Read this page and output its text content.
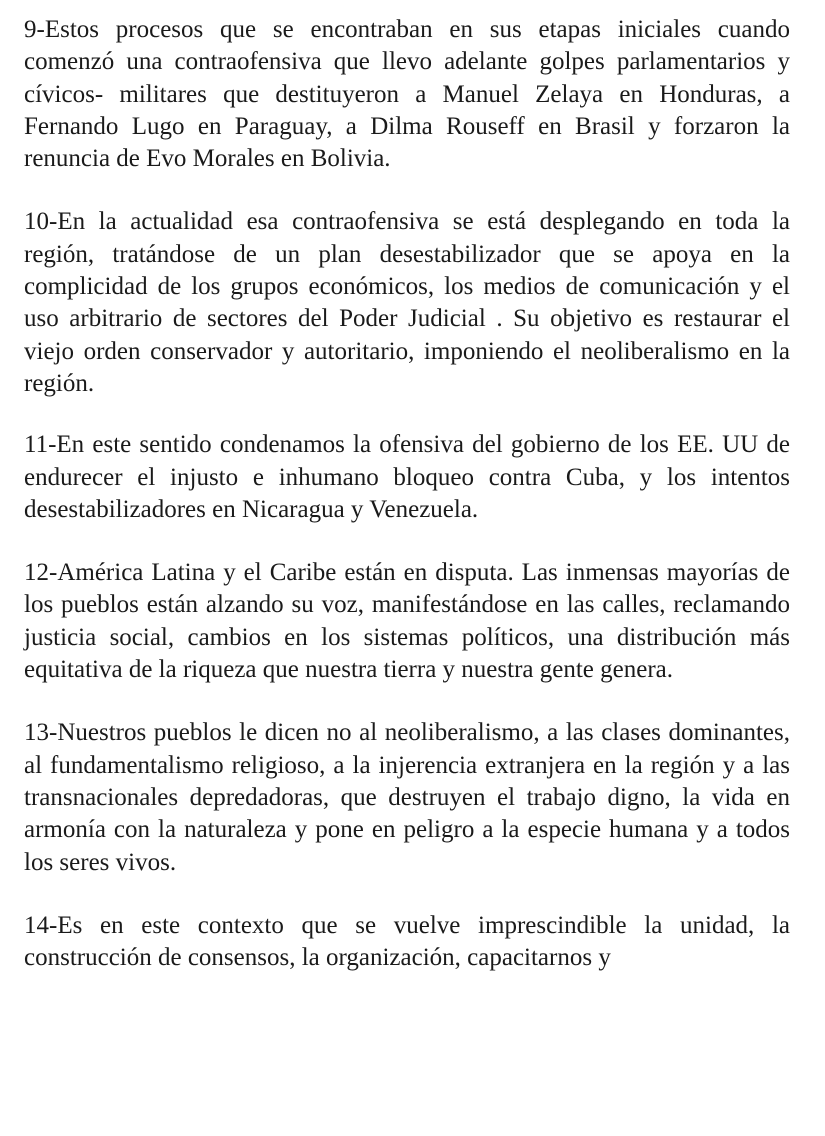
9-Estos procesos que se encontraban en sus etapas iniciales cuando comenzó una contraofensiva que llevo adelante golpes parlamentarios y cívicos- militares que destituyeron a Manuel Zelaya en Honduras, a Fernando Lugo en Paraguay, a Dilma Rouseff en Brasil y forzaron la renuncia de Evo Morales en Bolivia.

10-En la actualidad esa contraofensiva se está desplegando en toda la región, tratándose de un plan desestabilizador que se apoya en la complicidad de los grupos económicos, los medios de comunicación y el uso arbitrario de sectores del Poder Judicial . Su objetivo es restaurar el viejo orden conservador y autoritario, imponiendo el neoliberalismo en la región.

11-En este sentido condenamos la ofensiva del gobierno de los EE. UU de endurecer el injusto e inhumano bloqueo contra Cuba, y los intentos desestabilizadores en Nicaragua y Venezuela.

12-América Latina y el Caribe están en disputa. Las inmensas mayorías de los pueblos están alzando su voz, manifestándose en las calles, reclamando justicia social, cambios en los sistemas políticos, una distribución más equitativa de la riqueza que nuestra tierra y nuestra gente genera.

13-Nuestros pueblos le dicen no al neoliberalismo, a las clases dominantes, al fundamentalismo religioso, a la injerencia extranjera en la región y a las transnacionales depredadoras, que destruyen el trabajo digno, la vida en armonía con la naturaleza y pone en peligro a la especie humana y a todos los seres vivos.

14-Es en este contexto que se vuelve imprescindible la unidad, la construcción de consensos, la organización, capacitarnos y
